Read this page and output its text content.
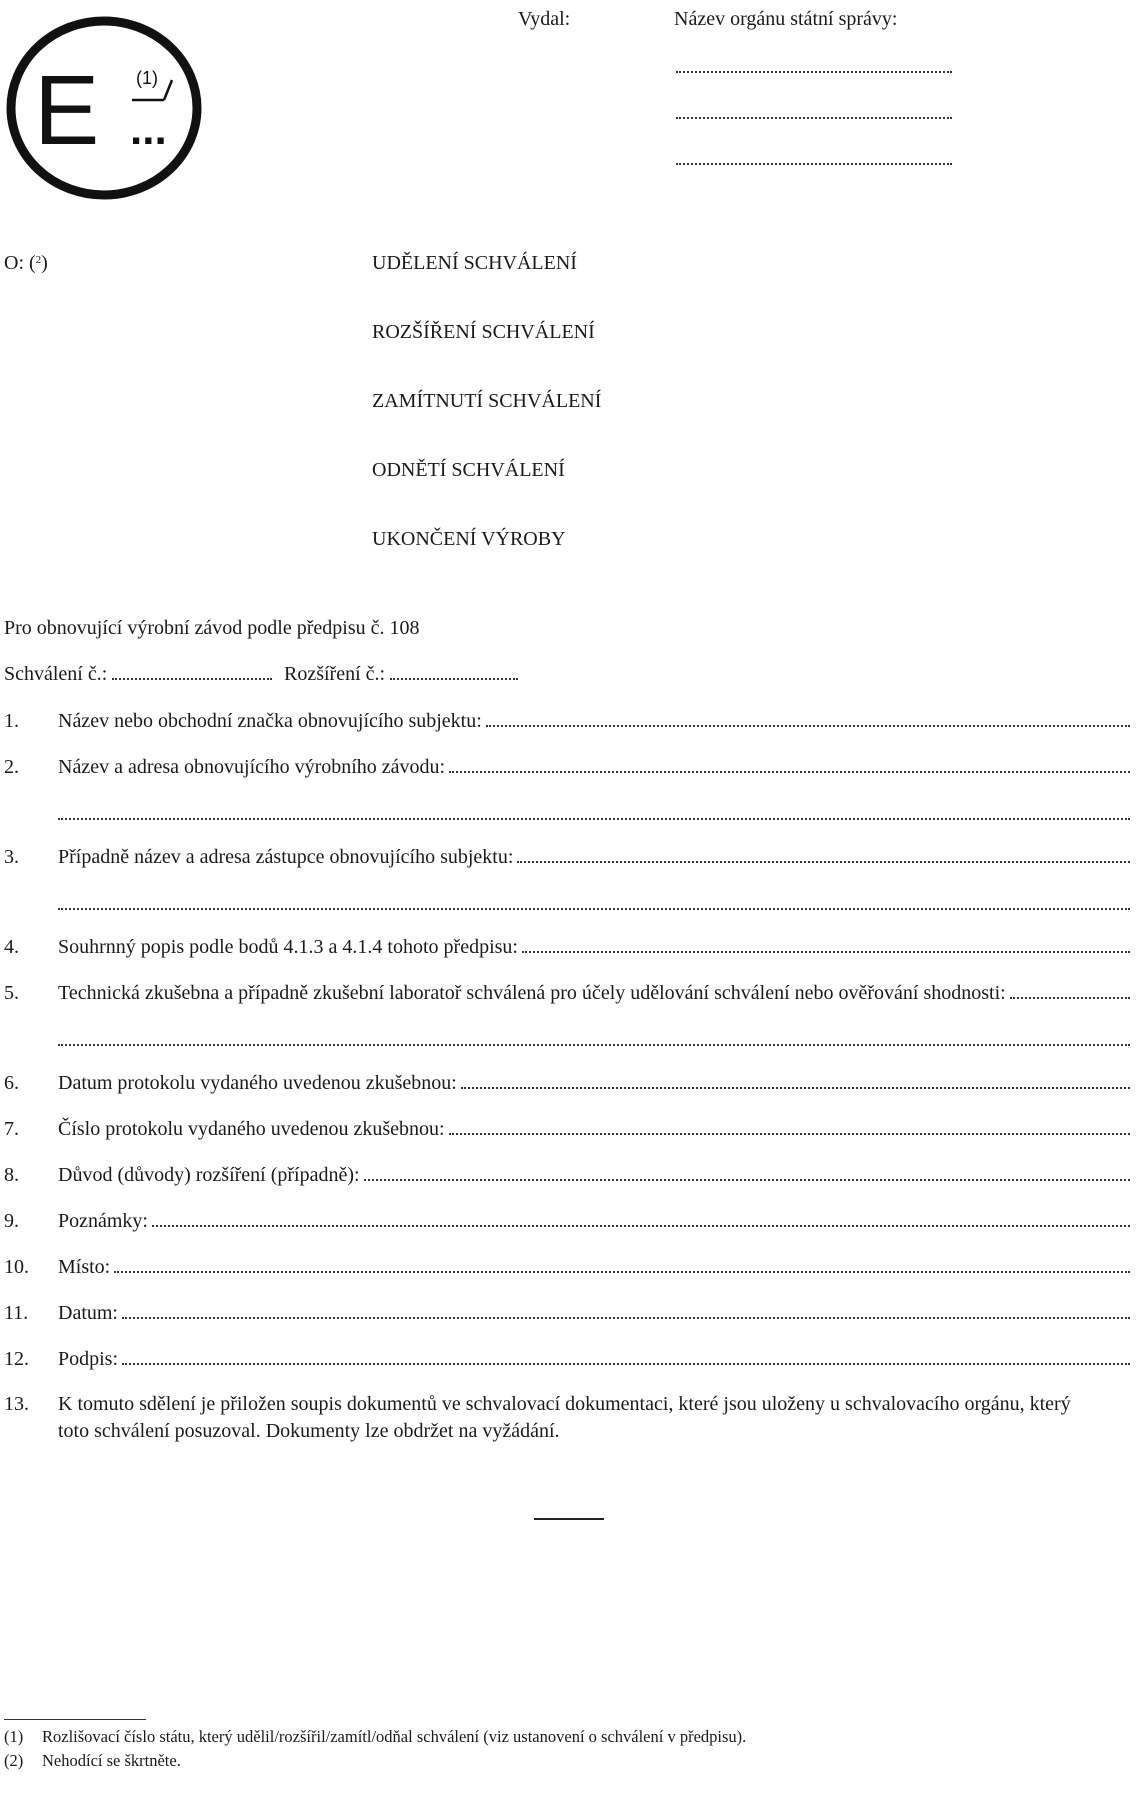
E (1)
...
Vydal:	Název orgánu státní správy:
O: ($^2$)	UDĚLENÍ SCHVÁLENÍ
ROZŠÍŘENÍ SCHVÁLENÍ
ZAMÍTNUTÍ SCHVÁLENÍ
ODNĚTÍ SCHVÁLENÍ
UKONČENÍ VÝROBY
Pro obnovující výrobní závod podle předpisu č. 108
Schválení č.:	Rozšíření č.:
1.	Název nebo obchodní značka obnovujícího subjektu:
2.	Název a adresa obnovujícího výrobního závodu:
3.	Případně název a adresa zástupce obnovujícího subjektu:
4.	Souhrnný popis podle bodů 4.1.3 a 4.1.4 tohoto předpisu:
5.	Technická zkušebna a případně zkušební laboratoř schválená pro účely udělování schválení nebo ověřování shodnosti:
6.	Datum protokolu vydaného uvedenou zkušebnou:
7.	Číslo protokolu vydaného uvedenou zkušebnou:
8.	Důvod (důvody) rozšíření (případně):
9.	Poznámky:
10.	Místo:
11.	Datum:
12.	Podpis:
13. K tomuto sdělení je přiložen soupis dokumentů ve schvalovací dokumentaci, které jsou uloženy u schvalovacího orgánu, který
toto schválení posuzoval. Dokumenty lze obdržet na vyžádání.
(1) Rozlišovací číslo státu, který udělil/rozšířil/zamítl/odňal schválení (viz ustanovení o schválení v předpisu).
(2) Nehodící se škrtněte.
